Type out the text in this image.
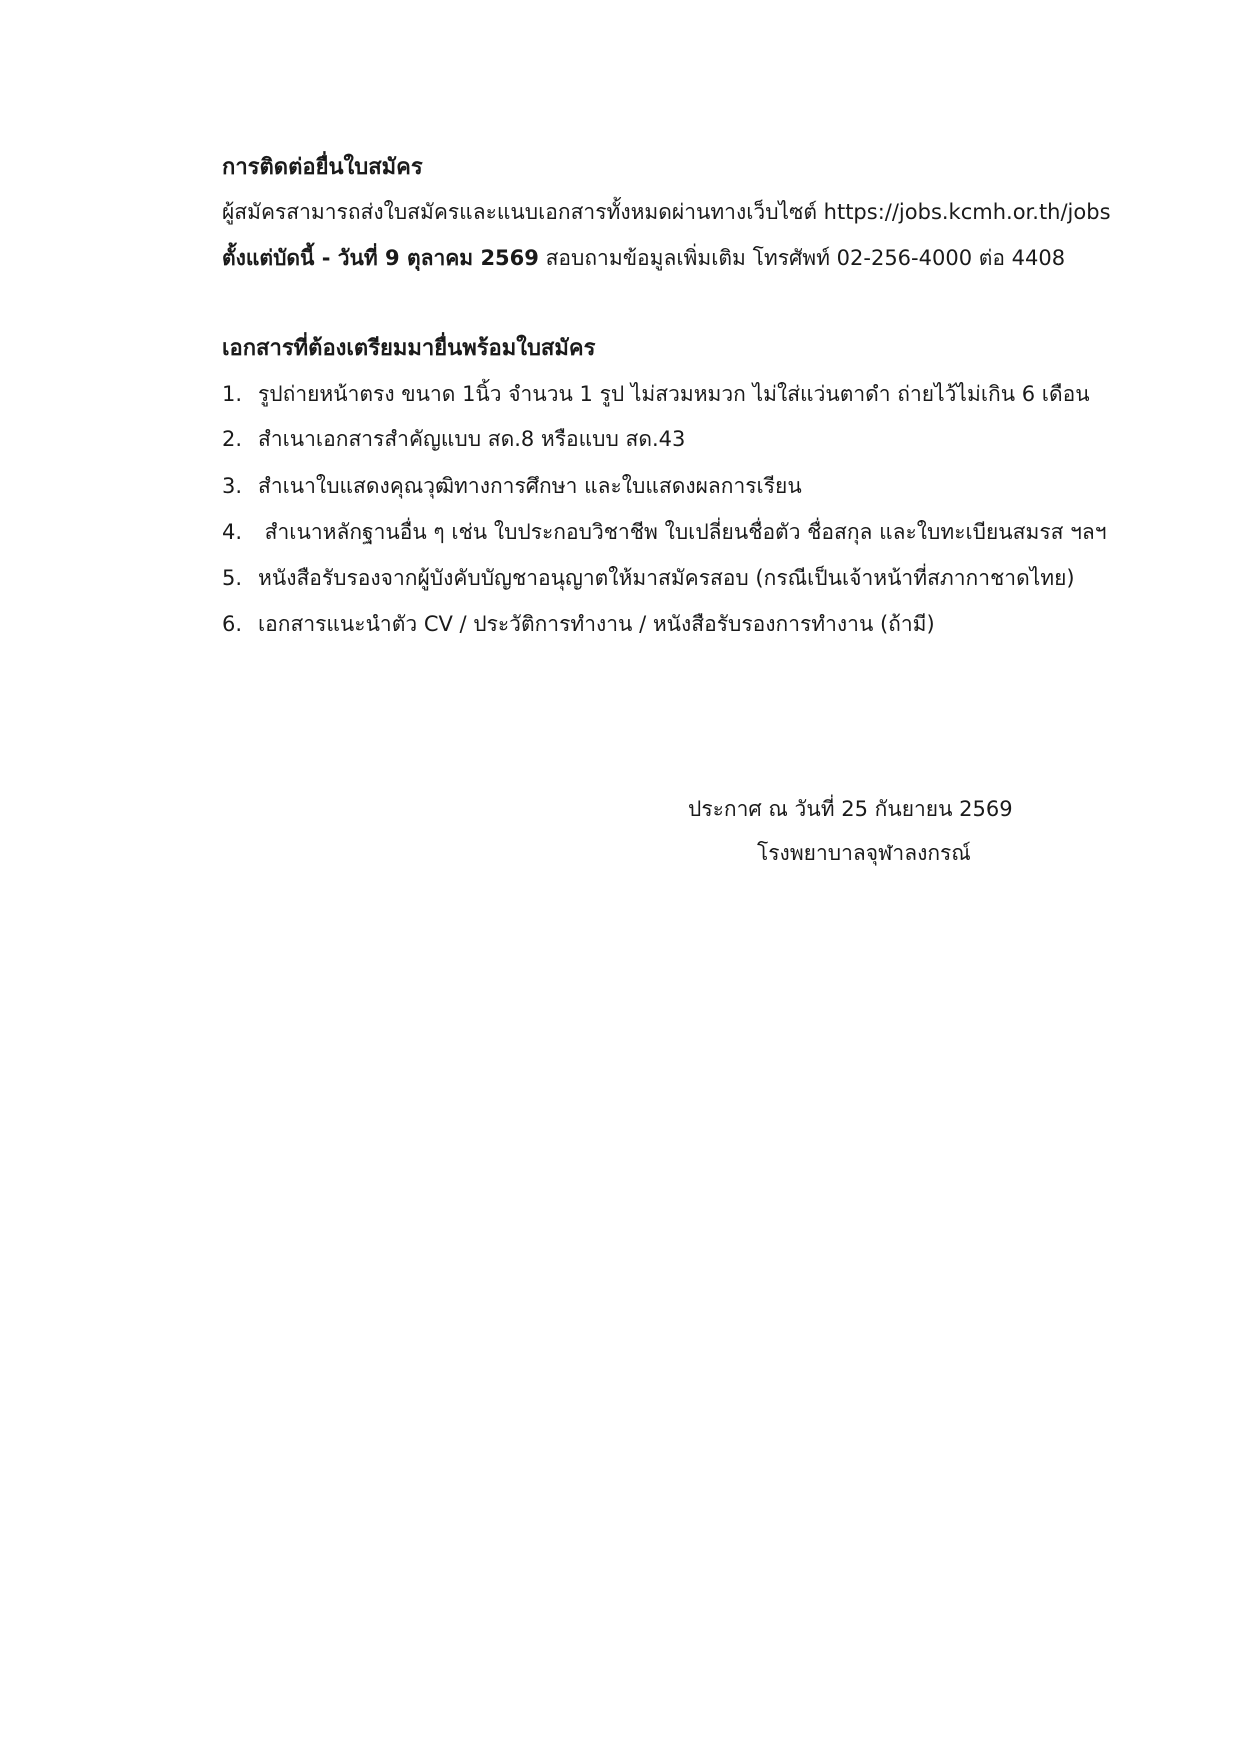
การติดต่อยื่นใบสมัคร
ผู้สมัครสามารถส่งใบสมัครและแนบเอกสารทั้งหมดผ่านทางเว็บไซต์ https://jobs.kcmh.or.th/jobs
ตั้งแต่บัดนี้ - วันที่ 9 ตุลาคม 2569 สอบถามข้อมูลเพิ่มเติม โทรศัพท์ 02-256-4000 ต่อ 4408
เอกสารที่ต้องเตรียมมายื่นพร้อมใบสมัคร
1. รูปถ่ายหน้าตรง ขนาด 1นิ้ว จำนวน 1 รูป ไม่สวมหมวก ไม่ใส่แว่นตาดำ ถ่ายไว้ไม่เกิน 6 เดือน
2. สำเนาเอกสารสำคัญแบบ สด.8 หรือแบบ สด.43
3. สำเนาใบแสดงคุณวุฒิทางการศึกษา และใบแสดงผลการเรียน
4. สำเนาหลักฐานอื่น ๆ เช่น ใบประกอบวิชาชีพ ใบเปลี่ยนชื่อตัว ชื่อสกุล และใบทะเบียนสมรส ฯลฯ
5. หนังสือรับรองจากผู้บังคับบัญชาอนุญาตให้มาสมัครสอบ (กรณีเป็นเจ้าหน้าที่สภากาชาดไทย)
6. เอกสารแนะนำตัว CV / ประวัติการทำงาน / หนังสือรับรองการทำงาน (ถ้ามี)
ประกาศ ณ วันที่ 25 กันยายน 2569
โรงพยาบาลจุฬาลงกรณ์
